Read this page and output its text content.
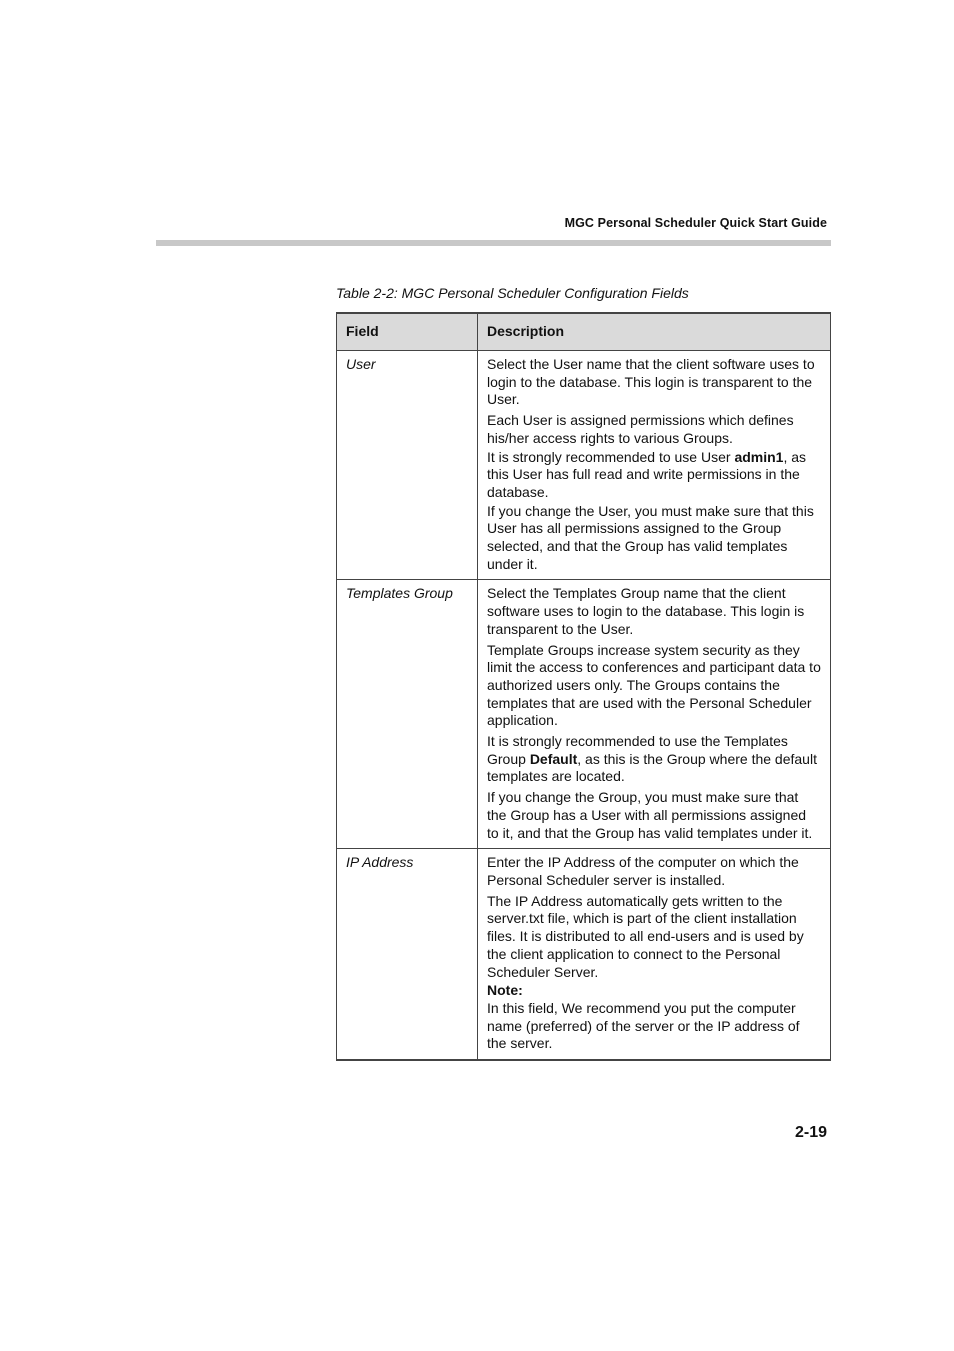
MGC Personal Scheduler Quick Start Guide
Table 2-2: MGC Personal Scheduler Configuration Fields
Field	Description
User	Select the User name that the client software uses to login to the database. This login is transparent to the User.

Each User is assigned permissions which defines his/her access rights to various Groups.

It is strongly recommended to use User admin1, as this User has full read and write permissions in the database.

If you change the User, you must make sure that this User has all permissions assigned to the Group selected, and that the Group has valid templates under it.

Templates Group	Select the Templates Group name that the client software uses to login to the database. This login is transparent to the User.

Template Groups increase system security as they limit the access to conferences and participant data to authorized users only. The Groups contains the templates that are used with the Personal Scheduler application.

It is strongly recommended to use the Templates Group Default, as this is the Group where the default templates are located.

If you change the Group, you must make sure that the Group has a User with all permissions assigned to it, and that the Group has valid templates under it.

IP Address	Enter the IP Address of the computer on which the Personal Scheduler server is installed.

The IP Address automatically gets written to the server.txt file, which is part of the client installation files. It is distributed to all end-users and is used by the client application to connect to the Personal Scheduler Server.

Note:

In this field, We recommend you put the computer name (preferred) of the server or the IP address of the server.

2-19
